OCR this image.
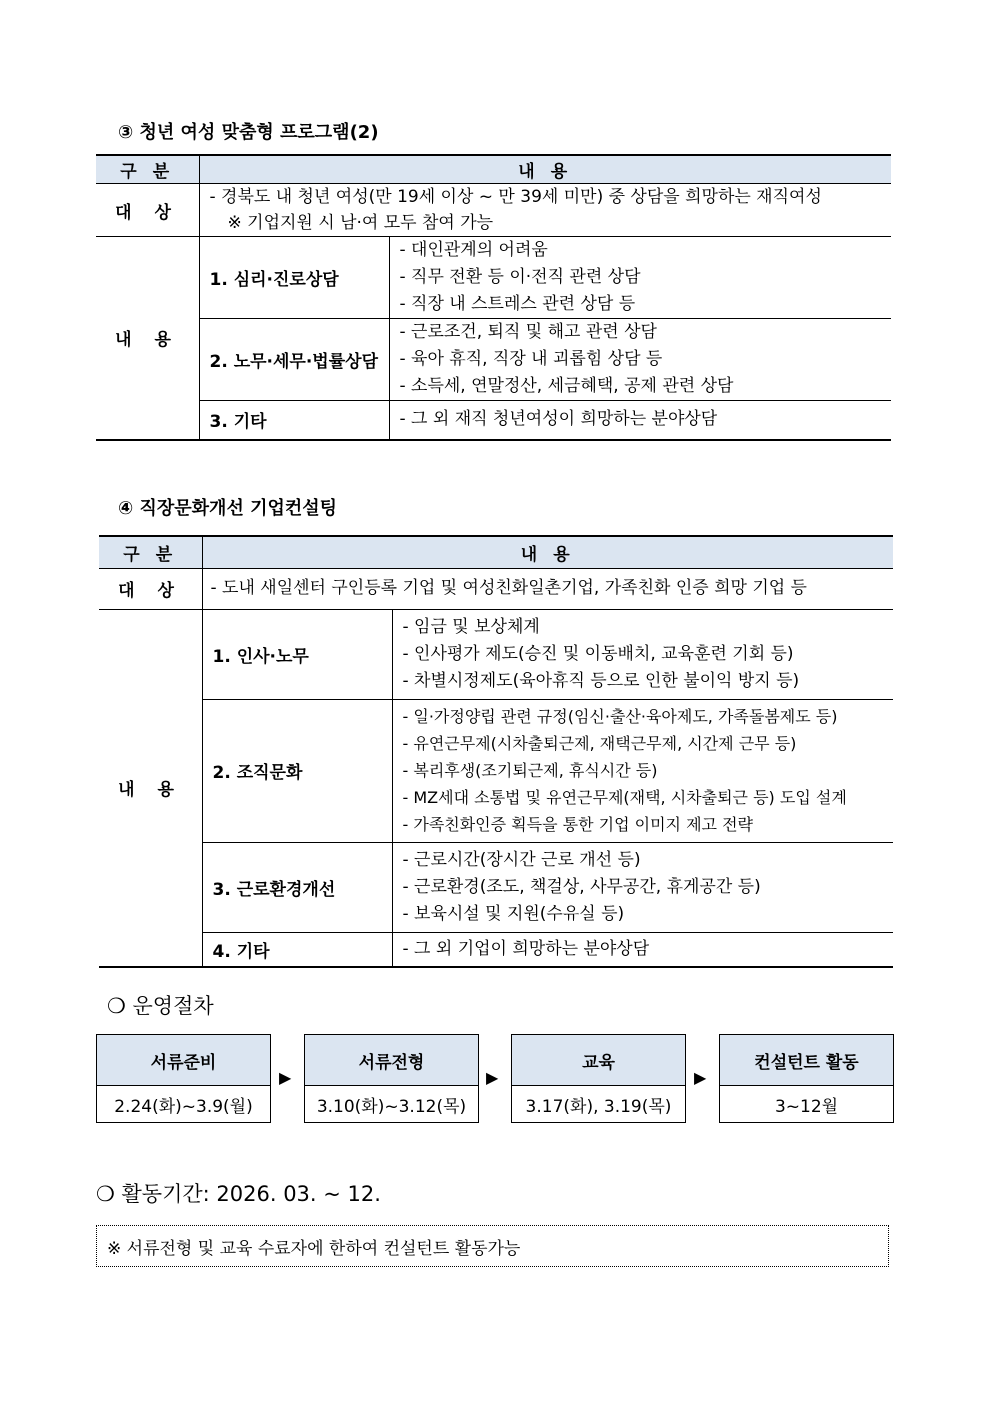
③ 청년 여성 맞춤형 프로그램(2)
구 분	내 용	
대 상	- 경북도 내 청년 여성(만 19세 이상 ~ 만 39세 미만) 중 상담을 희망하는 재직여성
※ 기업지원 시 남·여 모두 참여 가능	

내 용	1. 심리·진로상담	- 대인관계의 어려움
- 직무 전환 등 이·전직 관련 상담
- 직장 내 스트레스 관련 상담 등

	2. 노무·세무·법률상담	- 근로조건, 퇴직 및 해고 관련 상담
- 육아 휴직, 직장 내 괴롭힘 상담 등
- 소득세, 연말정산, 세금혜택, 공제 관련 상담

	3. 기타	- 그 외 재직 청년여성이 희망하는 분야상담
④ 직장문화개선 기업컨설팅
구 분	내 용	
대 상	- 도내 새일센터 구인등록 기업 및 여성친화일촌기업, 가족친화 인증 희망 기업 등	

내 용	1. 인사·노무	- 임금 및 보상체계
- 인사평가 제도(승진 및 이동배치, 교육훈련 기회 등)
- 차별시정제도(육아휴직 등으로 인한 불이익 방지 등)

	2. 조직문화	- 일·가정양립 관련 규정(임신·출산·육아제도, 가족돌봄제도 등)
- 유연근무제(시차출퇴근제, 재택근무제, 시간제 근무 등)
- 복리후생(조기퇴근제, 휴식시간 등)
- MZ세대 소통법 및 유연근무제(재택, 시차출퇴근 등) 도입 설계
- 가족친화인증 획득을 통한 기업 이미지 제고 전략

	3. 근로환경개선	- 근로시간(장시간 근로 개선 등)
- 근로환경(조도, 책걸상, 사무공간, 휴게공간 등)
- 보육시설 및 지원(수유실 등)

	4. 기타	- 그 외 기업이 희망하는 분야상담
❍ 운영절차
서류준비
2.24(화)~3.9(월)
▶
서류전형
3.10(화)~3.12(목)
▶
교육
3.17(화), 3.19(목)
▶
컨설턴트 활동
3~12월
❍ 활동기간: 2026. 03. ~ 12.
※ 서류전형 및 교육 수료자에 한하여 컨설턴트 활동가능
